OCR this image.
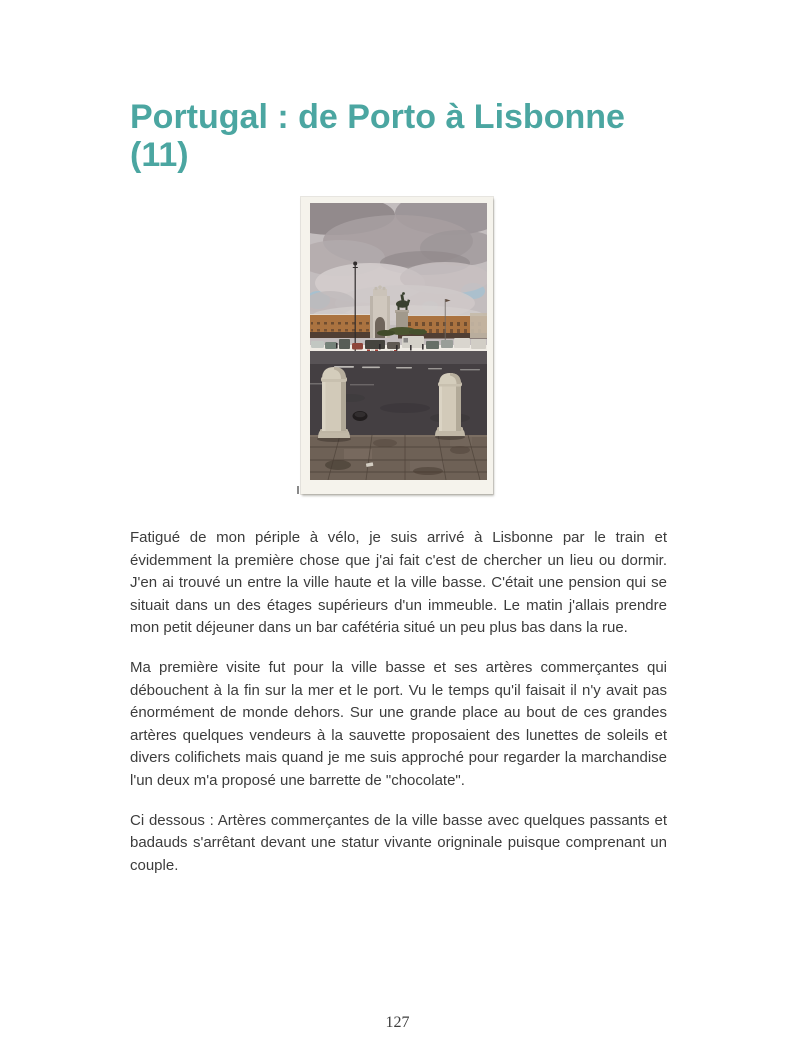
Portugal : de Porto à Lisbonne (11)

Fatigué de mon périple à vélo, je suis arrivé à Lisbonne par le train et évidemment la première chose que j'ai fait c'est de chercher un lieu ou dormir. J'en ai trouvé un entre la ville haute et la ville basse. C'était une pension qui se situait dans un des étages supérieurs d'un immeuble. Le matin j'allais prendre mon petit déjeuner dans un bar cafétéria situé un peu plus bas dans la rue.

Ma première visite fut pour la ville basse et ses artères commerçantes qui débouchent à la fin sur la mer et le port. Vu le temps qu'il faisait il n'y avait pas énormément de monde dehors. Sur une grande place au bout de ces grandes artères quelques vendeurs à la sauvette proposaient des lunettes de soleils et divers colifichets mais quand je me suis approché pour regarder la marchandise l'un deux m'a proposé une barrette de "chocolate".

Ci dessous : Artères commerçantes de la ville basse avec quelques passants et badauds s'arrêtant devant une statur vivante origninale puisque comprenant un couple.

127
